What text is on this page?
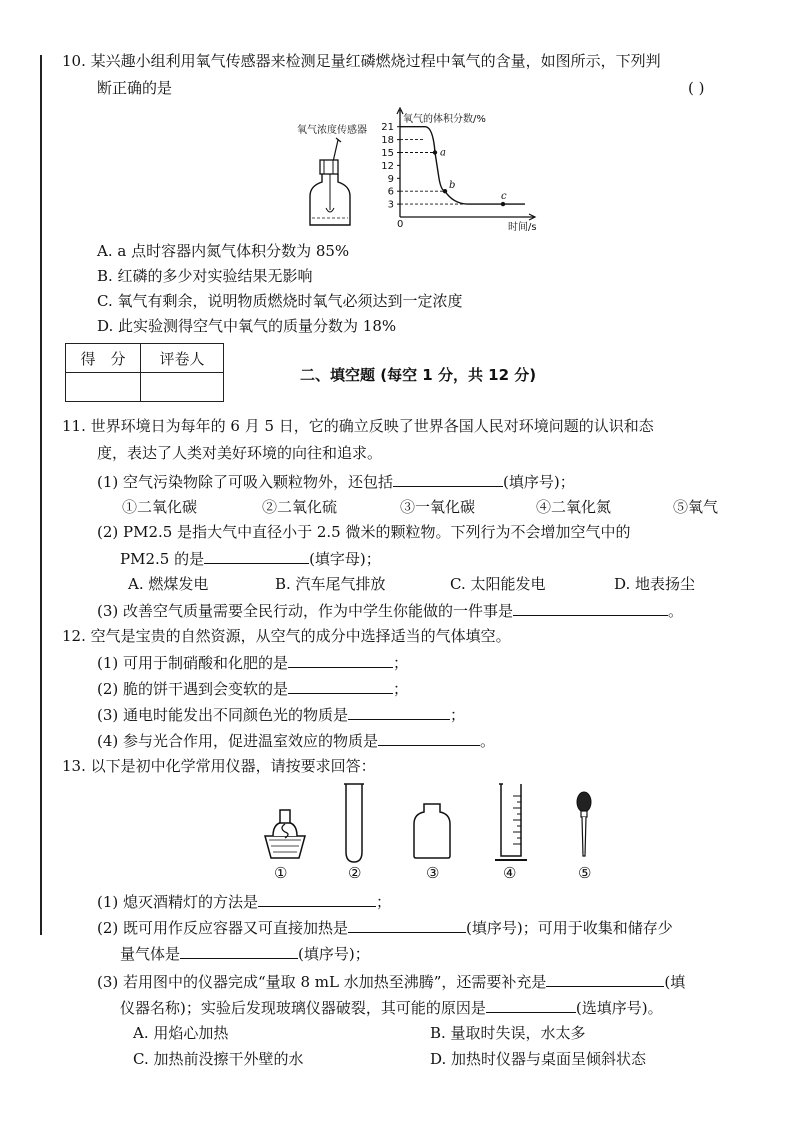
10. 某兴趣小组利用氧气传感器来检测足量红磷燃烧过程中氧气的含量，如图所示，下列判
断正确的是	( )
氧气浓度传感器 21
18
15
12
9
6
3
a
b
c
氧气的体积分数/%
时间/s
0
A. a 点时容器内氮气体积分数为 85%
B. 红磷的多少对实验结果无影响
C. 氧气有剩余，说明物质燃烧时氧气必须达到一定浓度
D. 此实验测得空气中氧气的质量分数为 18%
得　分	评卷人

二、填空题 (每空 1 分，共 12 分)
11. 世界环境日为每年的 6 月 5 日，它的确立反映了世界各国人民对环境问题的认识和态
度，表达了人类对美好环境的向往和追求。
(1) 空气污染物除了可吸入颗粒物外，还包括	(填序号)；
①二氧化碳	②二氧化硫	③一氧化碳	④二氧化氮	⑤氧气
(2) PM2.5 是指大气中直径小于 2.5 微米的颗粒物。下列行为不会增加空气中的
PM2.5 的是	(填字母)；
A. 燃煤发电	B. 汽车尾气排放	C. 太阳能发电	D. 地表扬尘
(3) 改善空气质量需要全民行动，作为中学生你能做的一件事是	。
12. 空气是宝贵的自然资源，从空气的成分中选择适当的气体填空。
(1) 可用于制硝酸和化肥的是	；
(2) 脆的饼干遇到会变软的是	；
(3) 通电时能发出不同颜色光的物质是	；
(4) 参与光合作用，促进温室效应的物质是	。
13. 以下是初中化学常用仪器，请按要求回答：
①	②	③	④	⑤
(1) 熄灭酒精灯的方法是	；
(2) 既可用作反应容器又可直接加热是	(填序号)；可用于收集和储存少
量气体是	(填序号)；
(3) 若用图中的仪器完成“量取 8 mL 水加热至沸腾”，还需要补充是	(填
仪器名称)；实验后发现玻璃仪器破裂，其可能的原因是	(选填序号)。
A. 用焰心加热	B. 量取时失误，水太多
C. 加热前没擦干外壁的水	D. 加热时仪器与桌面呈倾斜状态
